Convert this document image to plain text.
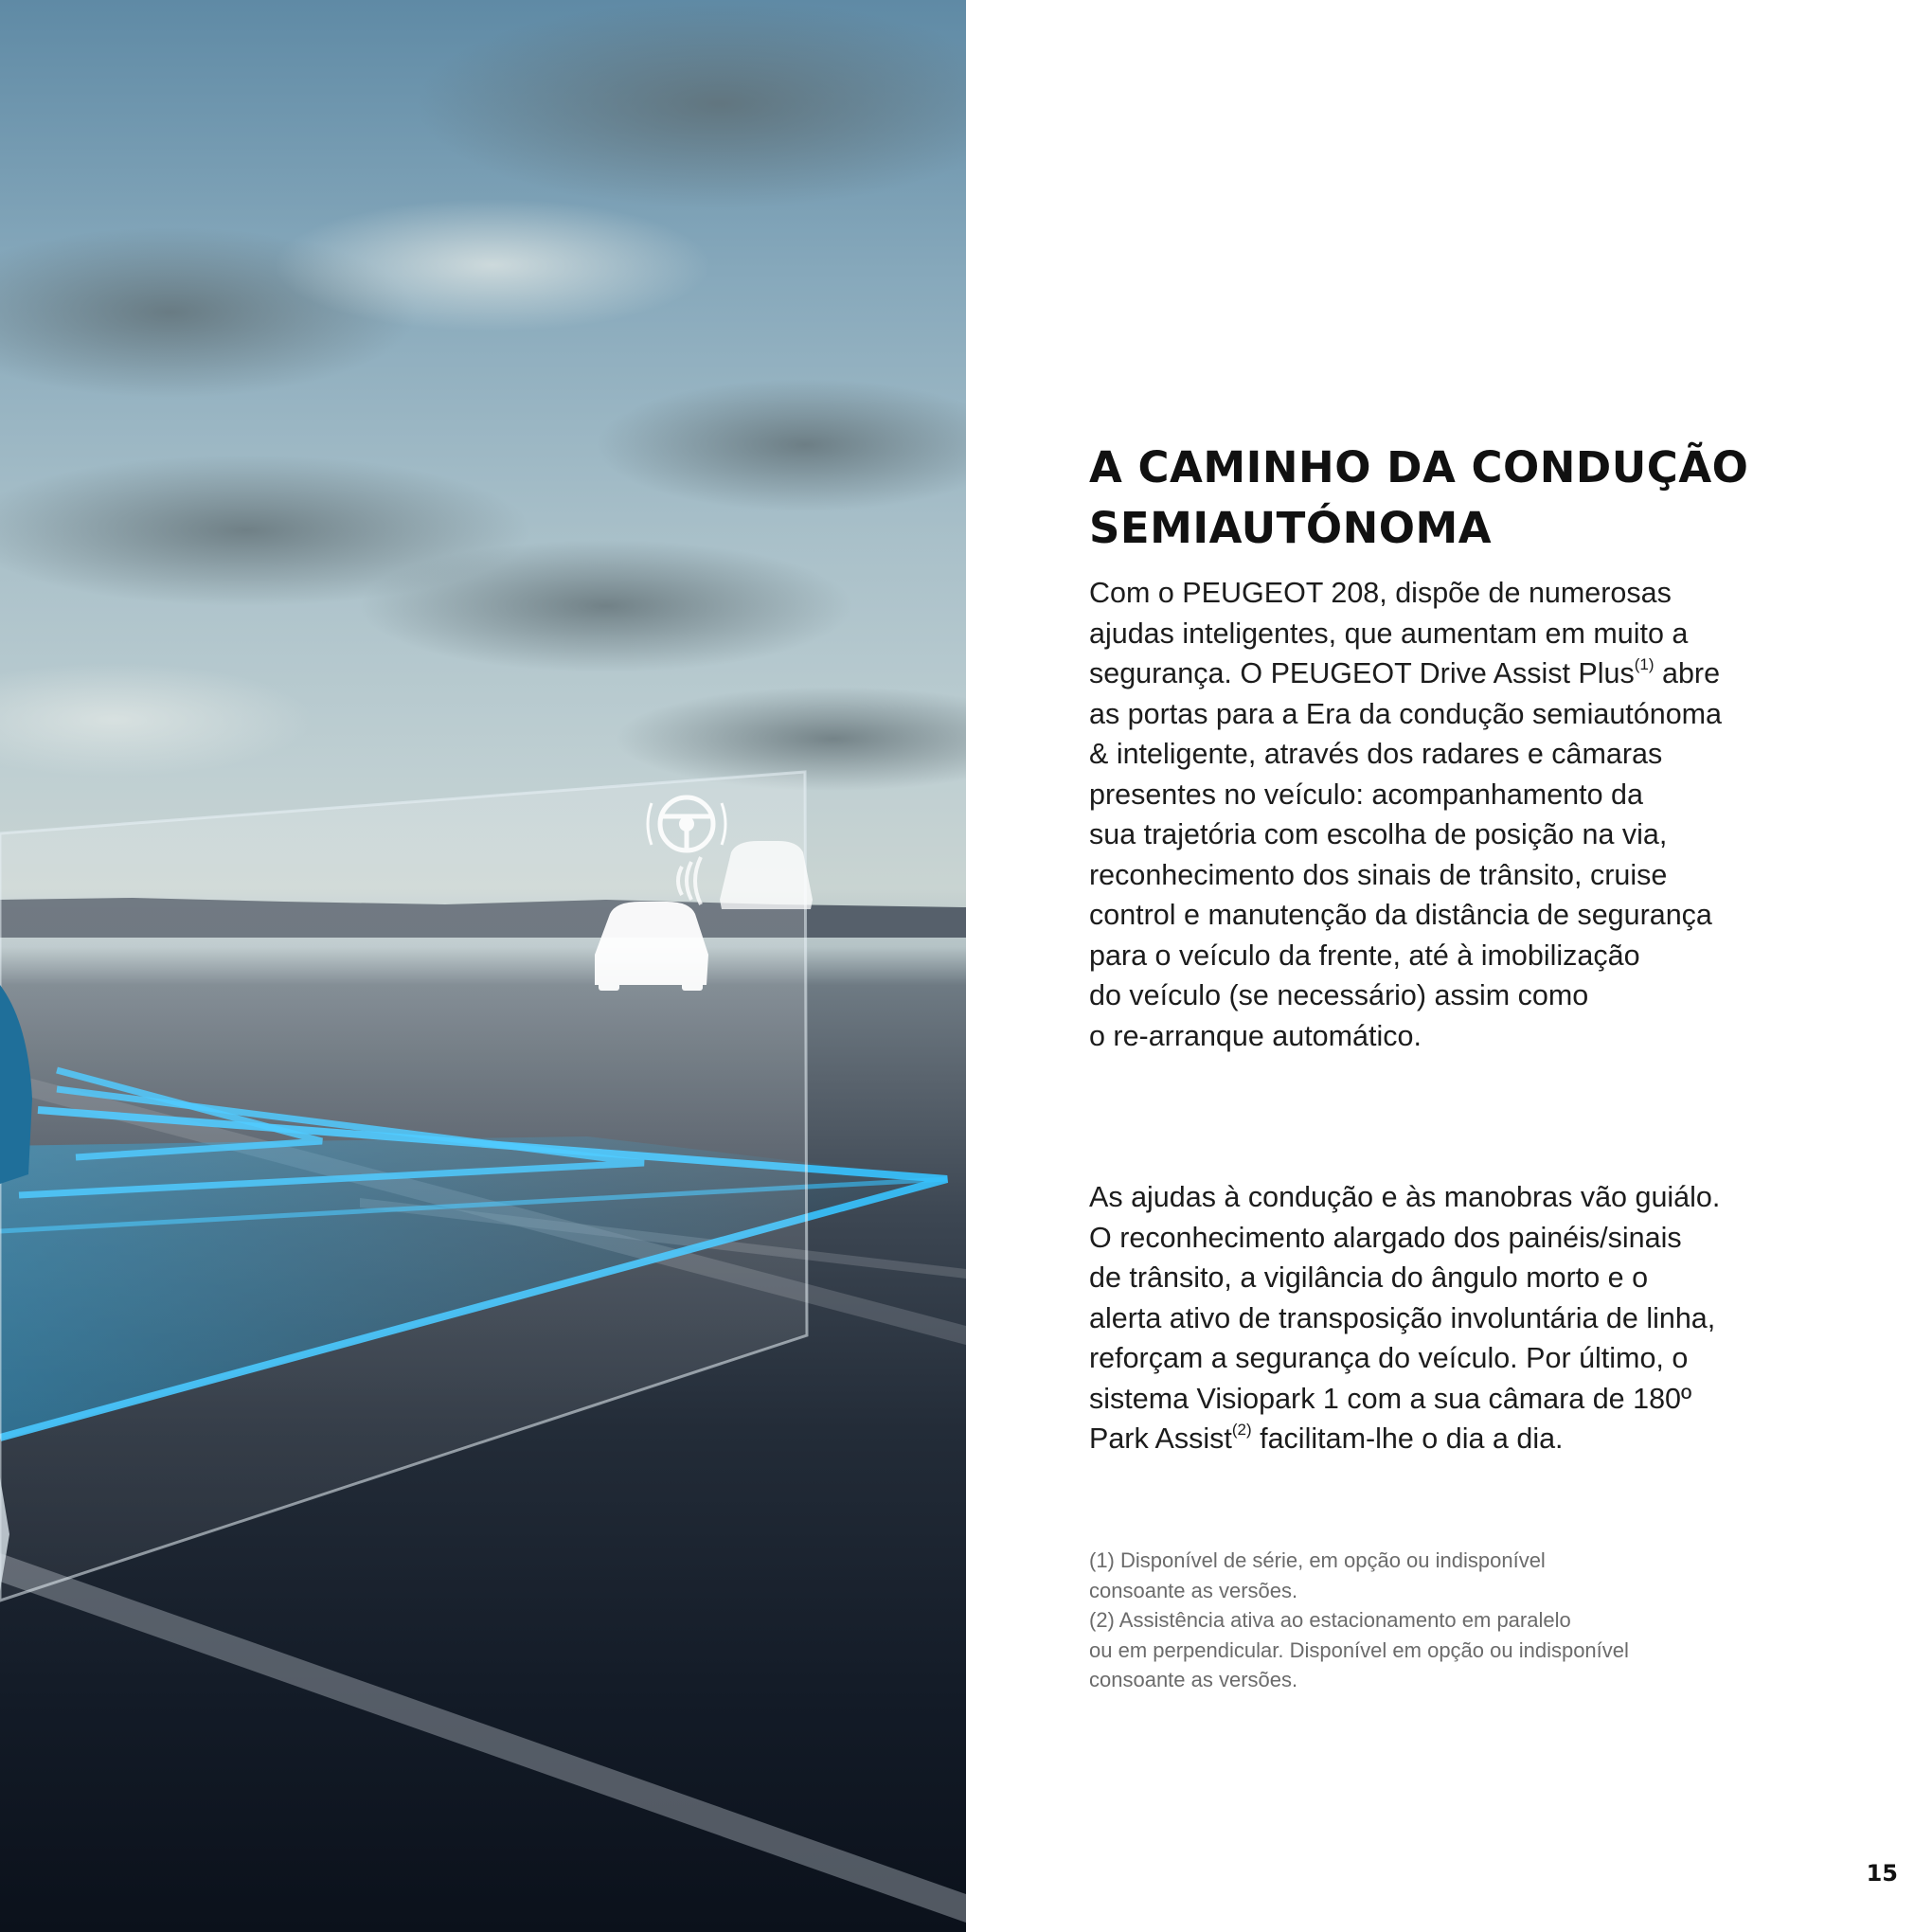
A CAMINHO DA CONDUÇÃO
SEMIAUTÓNOMA

Com o PEUGEOT 208, dispõe de numerosas
ajudas inteligentes, que aumentam em muito a
segurança. O PEUGEOT Drive Assist Plus$^{(1)}$ abre
as portas para a Era da condução semiautónoma
& inteligente, através dos radares e câmaras
presentes no veículo: acompanhamento da
sua trajetória com escolha de posição na via,
reconhecimento dos sinais de trânsito, cruise
control e manutenção da distância de segurança
para o veículo da frente, até à imobilização
do veículo (se necessário) assim como
o re-arranque automático.

As ajudas à condução e às manobras vão guiálo.
O reconhecimento alargado dos painéis/sinais
de trânsito, a vigilância do ângulo morto e o
alerta ativo de transposição involuntária de linha,
reforçam a segurança do veículo. Por último, o
sistema Visiopark 1 com a sua câmara de 180º
Park Assist$^{(2)}$ facilitam-lhe o dia a dia.

(1) Disponível de série, em opção ou indisponível
consoante as versões.
(2) Assistência ativa ao estacionamento em paralelo
ou em perpendicular. Disponível em opção ou indisponível
consoante as versões.

15
